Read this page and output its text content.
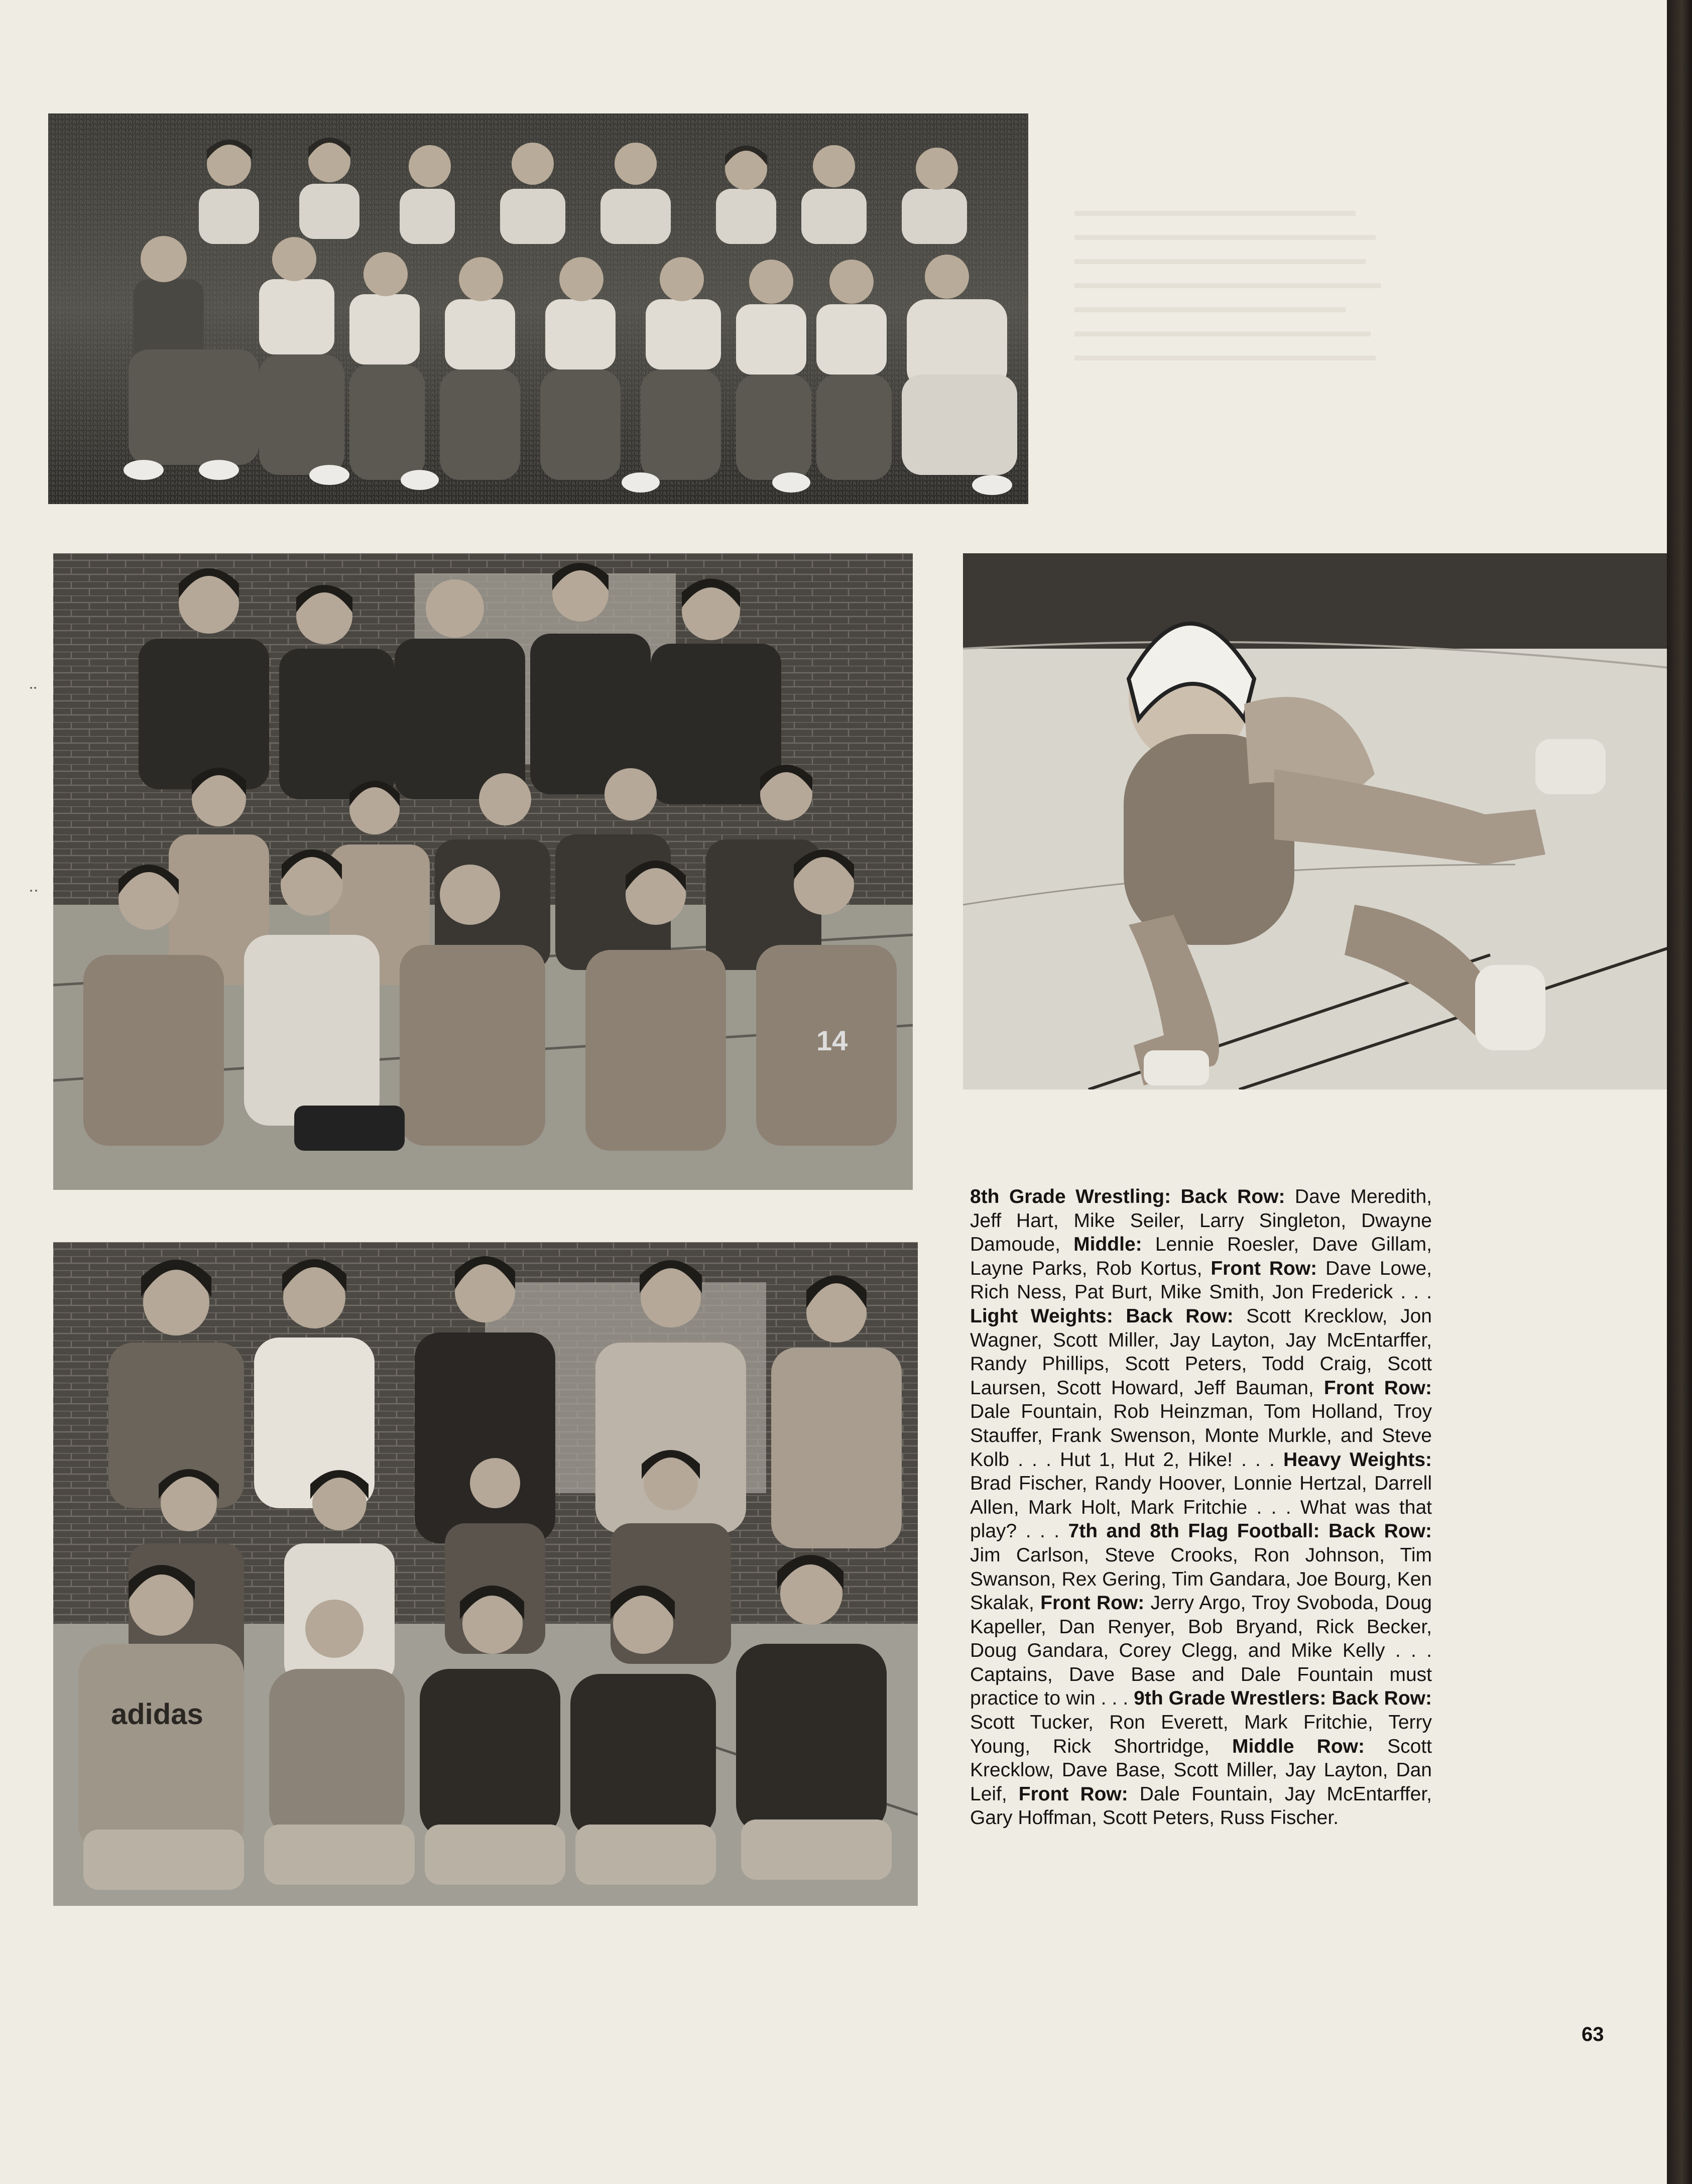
14
adidas
8th Grade Wrestling: Back Row: Dave Meredith, Jeff Hart, Mike Seiler, Larry Singleton, Dwayne Damoude, Middle: Lennie Roesler, Dave Gillam, Layne Parks, Rob Kortus, Front Row: Dave Lowe, Rich Ness, Pat Burt, Mike Smith, Jon Frederick . . . Light Weights: Back Row: Scott Krecklow, Jon Wagner, Scott Miller, Jay Layton, Jay McEntarffer, Randy Phillips, Scott Peters, Todd Craig, Scott Laursen, Scott Howard, Jeff Bauman, Front Row: Dale Fountain, Rob Heinzman, Tom Holland, Troy Stauffer, Frank Swenson, Monte Murkle, and Steve Kolb . . . Hut 1, Hut 2, Hike! . . . Heavy Weights: Brad Fischer, Randy Hoover, Lonnie Hertzal, Darrell Allen, Mark Holt, Mark Fritchie . . . What was that play? . . . 7th and 8th Flag Football: Back Row: Jim Carlson, Steve Crooks, Ron Johnson, Tim Swanson, Rex Gering, Tim Gandara, Joe Bourg, Ken Skalak, Front Row: Jerry Argo, Troy Svoboda, Doug Kapeller, Dan Renyer, Bob Bryand, Rick Becker, Doug Gandara, Corey Clegg, and Mike Kelly . . . Captains, Dave Base and Dale Fountain must practice to win . . . 9th Grade Wrestlers: Back Row: Scott Tucker, Ron Everett, Mark Fritchie, Terry Young, Rick Shortridge, Middle Row: Scott Krecklow, Dave Base, Scott Miller, Jay Layton, Dan Leif, Front Row: Dale Fountain, Jay McEntarffer, Gary Hoffman, Scott Peters, Russ Fischer.
63
